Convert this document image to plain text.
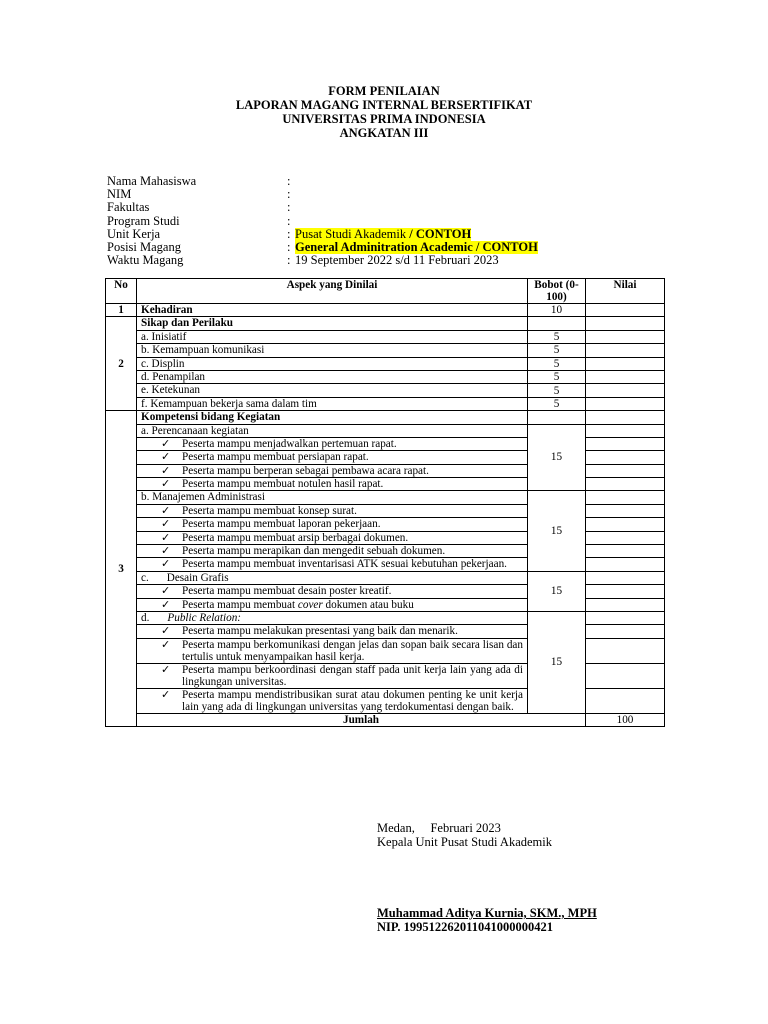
FORM PENILAIAN
LAPORAN MAGANG INTERNAL BERSERTIFIKAT
UNIVERSITAS PRIMA INDONESIA
ANGKATAN III
Nama Mahasiswa	:
NIM	:
Fakultas	:
Program Studi	:
Unit Kerja	: Pusat Studi Akademik / CONTOH
Posisi Magang	: General Adminitration Academic / CONTOH
Waktu Magang	: 19 September 2022 s/d 11 Februari 2023
No	Aspek yang Dinilai	Bobot (0-100)	Nilai	
1	Kehadiran	10		
2	Sikap dan Perilaku			
	a. Inisiatif	5		
	b. Kemampuan komunikasi	5		
	c. Displin	5		
	d. Penampilan	5		
	e. Ketekunan	5		
	f. Kemampuan bekerja sama dalam tim	5		
3	Kompetensi bidang Kegiatan			
	a. Perencanaan kegiatan	15		

	✓ Peserta mampu menjadwalkan pertemuan rapat.			

	✓ Peserta mampu membuat persiapan rapat.			

	✓ Peserta mampu berperan sebagai pembawa acara rapat.			

	✓ Peserta mampu membuat notulen hasil rapat.			

	b. Manajemen Administrasi	15		

	✓ Peserta mampu membuat konsep surat.			

	✓ Peserta mampu membuat laporan pekerjaan.			

	✓ Peserta mampu membuat arsip berbagai dokumen.			

	✓ Peserta mampu merapikan dan mengedit sebuah dokumen.			

	✓ Peserta mampu membuat inventarisasi ATK sesuai kebutuhan pekerjaan.			

	c. Desain Grafis	15		

	✓ Peserta mampu membuat desain poster kreatif.			

	✓ Peserta mampu membuat cover dokumen atau buku			

	d. Public Relation:	15		

	✓ Peserta mampu melakukan presentasi yang baik dan menarik.			

	✓ Peserta mampu berkomunikasi dengan jelas dan sopan baik secara lisan dan tertulis untuk menyampaikan hasil kerja.			

	✓ Peserta mampu berkoordinasi dengan staff pada unit kerja lain yang ada di lingkungan universitas.			

	✓ Peserta mampu mendistribusikan surat atau dokumen penting ke unit kerja lain yang ada di lingkungan universitas yang terdokumentasi dengan baik.			

	Jumlah		100	
Medan,     Februari 2023
Kepala Unit Pusat Studi Akademik
Muhammad Aditya Kurnia, SKM., MPH
NIP. 199512262011041000000421
